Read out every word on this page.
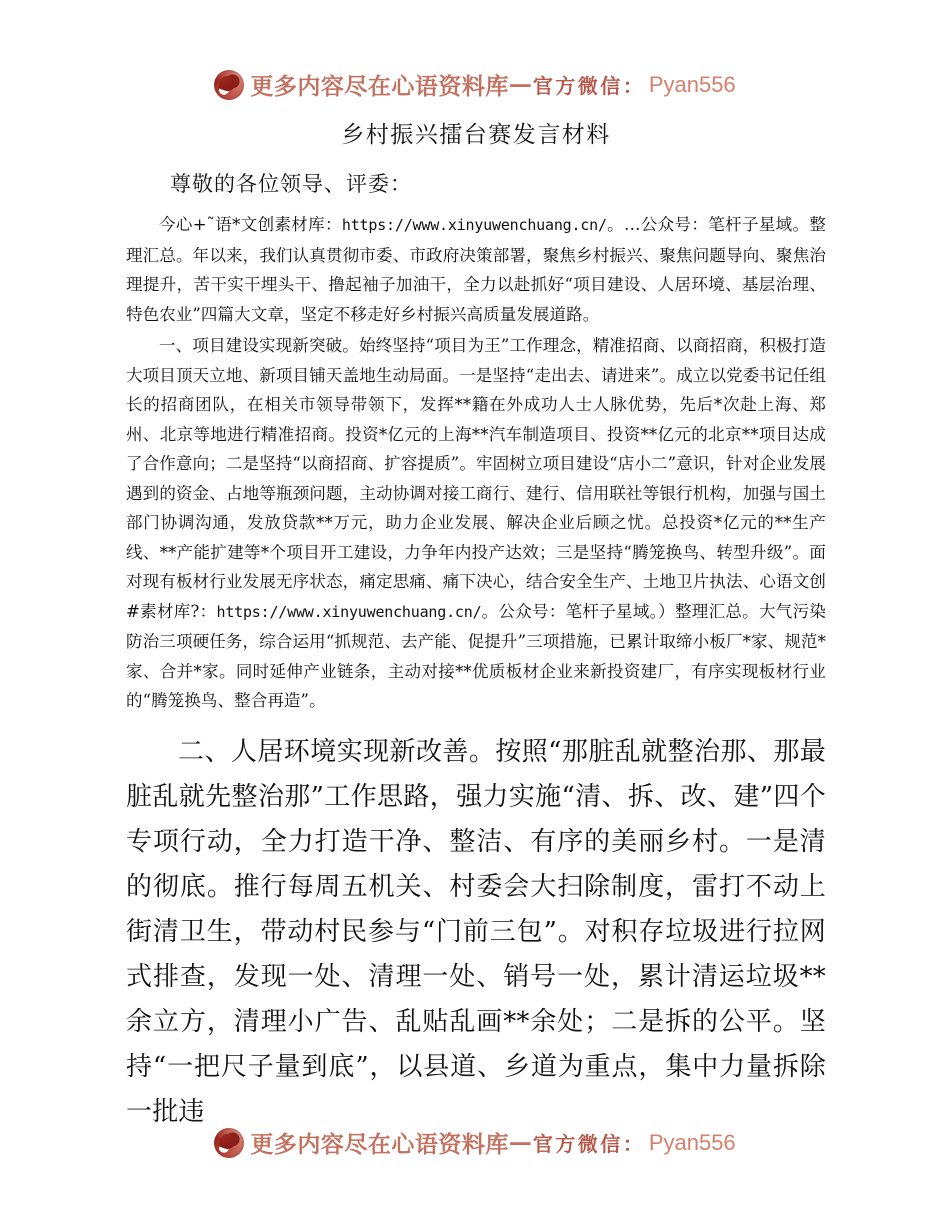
更多内容尽在心语资料库 — 官方微信 ： Pyan556
乡村振兴擂台赛发言材料

尊敬的各位领导、评委：

今心+˜语*文创素材库：https://www.xinyuwenchuang.cn/。…公众号：笔杆子星域。整理汇总。年以来，我们认真贯彻市委、市政府决策部署，聚焦乡村振兴、聚焦问题导向、聚焦治理提升，苦干实干埋头干、撸起袖子加油干，全力以赴抓好“项目建设、人居环境、基层治理、特色农业”四篇大文章，坚定不移走好乡村振兴高质量发展道路。

一、项目建设实现新突破。始终坚持“项目为王”工作理念，精准招商、以商招商，积极打造大项目顶天立地、新项目铺天盖地生动局面。一是坚持“走出去、请进来”。成立以党委书记任组长的招商团队，在相关市领导带领下，发挥**籍在外成功人士人脉优势，先后*次赴上海、郑州、北京等地进行精准招商。投资*亿元的上海**汽车制造项目、投资**亿元的北京**项目达成了合作意向；二是坚持“以商招商、扩容提质”。牢固树立项目建设“店小二”意识，针对企业发展遇到的资金、占地等瓶颈问题，主动协调对接工商行、建行、信用联社等银行机构，加强与国土部门协调沟通，发放贷款**万元，助力企业发展、解决企业后顾之忧。总投资*亿元的**生产线、**产能扩建等*个项目开工建设，力争年内投产达效；三是坚持“腾笼换鸟、转型升级”。面对现有板材行业发展无序状态，痛定思痛、痛下决心，结合安全生产、土地卫片执法、心语文创#素材库?：https://www.xinyuwenchuang.cn/。公众号：笔杆子星域。）整理汇总。大气污染防治三项硬任务，综合运用“抓规范、去产能、促提升”三项措施，已累计取缔小板厂*家、规范*家、合并*家。同时延伸产业链条，主动对接**优质板材企业来新投资建厂，有序实现板材行业的“腾笼换鸟、整合再造”。

二、人居环境实现新改善。按照“那脏乱就整治那、那最脏乱就先整治那”工作思路，强力实施“清、拆、改、建”四个专项行动，全力打造干净、整洁、有序的美丽乡村。一是清的彻底。推行每周五机关、村委会大扫除制度，雷打不动上街清卫生，带动村民参与“门前三包”。对积存垃圾进行拉网式排查，发现一处、清理一处、销号一处，累计清运垃圾**余立方，清理小广告、乱贴乱画**余处；二是拆的公平。坚持“一把尺子量到底”，以县道、乡道为重点，集中力量拆除一批违

更多内容尽在心语资料库 — 官方微信 ： Pyan556
